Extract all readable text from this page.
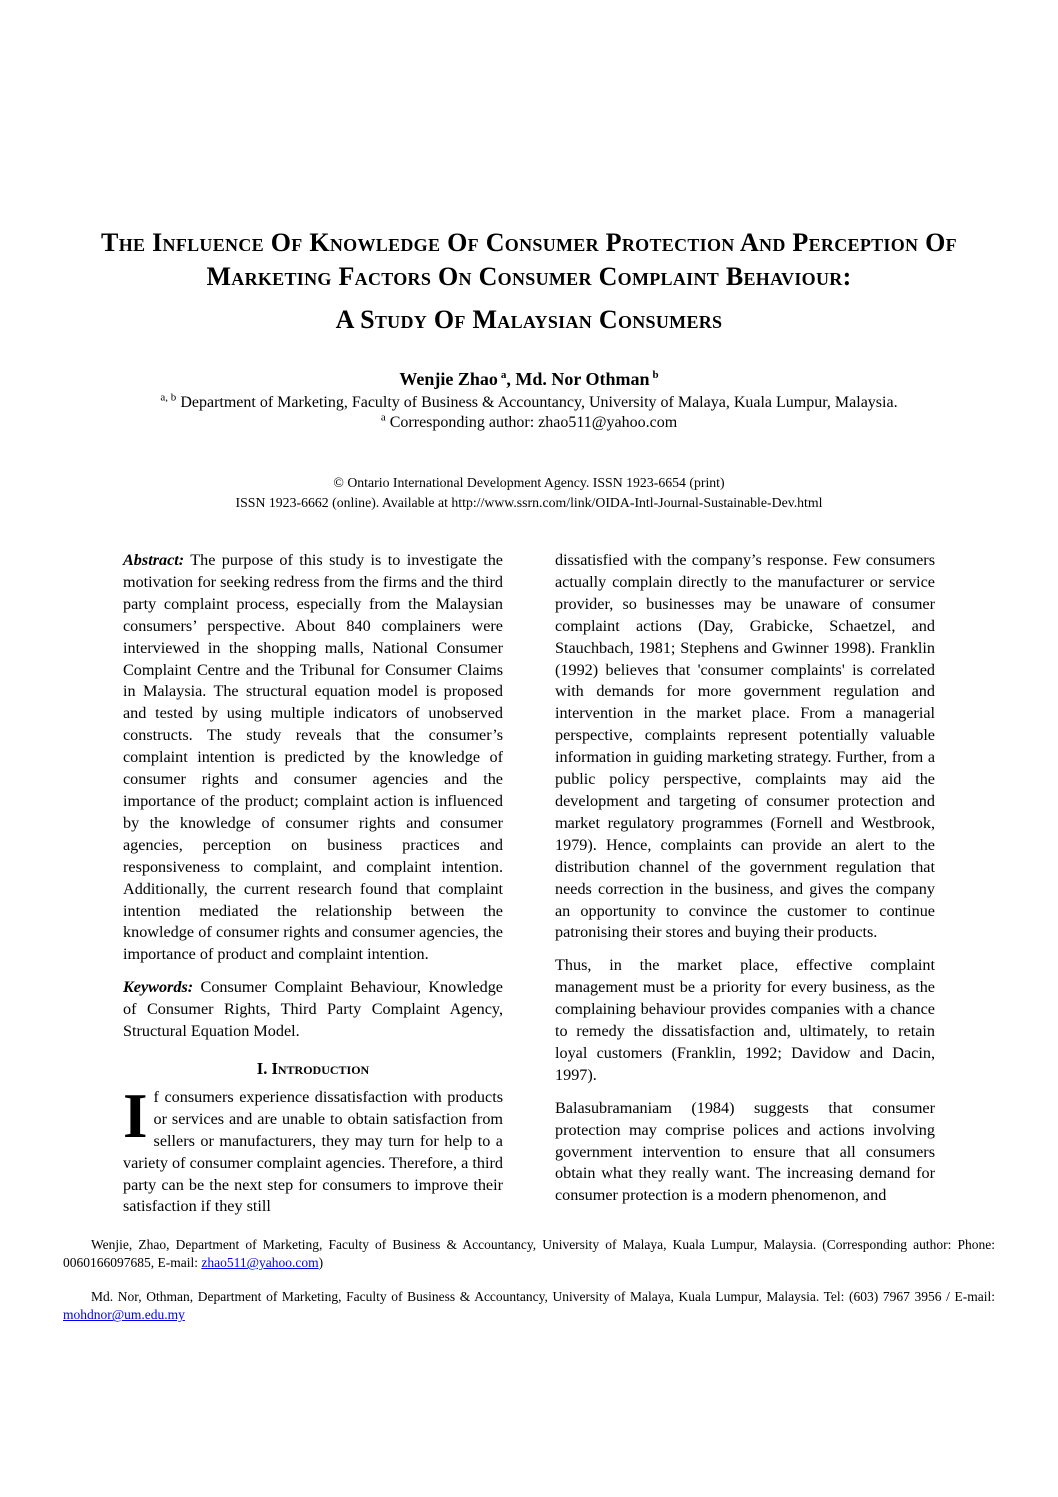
The Influence Of Knowledge Of Consumer Protection And Perception Of Marketing Factors On Consumer Complaint Behaviour:
A Study Of Malaysian Consumers
Wenjie Zhao $^a$, Md. Nor Othman $^b$
$^{a, b}$ Department of Marketing, Faculty of Business & Accountancy, University of Malaya, Kuala Lumpur, Malaysia.
$^a$ Corresponding author: zhao511@yahoo.com
© Ontario International Development Agency. ISSN 1923-6654 (print)
ISSN 1923-6662 (online). Available at http://www.ssrn.com/link/OIDA-Intl-Journal-Sustainable-Dev.html

Abstract: The purpose of this study is to investigate the motivation for seeking redress from the firms and the third party complaint process, especially from the Malaysian consumers’ perspective. About 840 complainers were interviewed in the shopping malls, National Consumer Complaint Centre and the Tribunal for Consumer Claims in Malaysia. The structural equation model is proposed and tested by using multiple indicators of unobserved constructs. The study reveals that the consumer’s complaint intention is predicted by the knowledge of consumer rights and consumer agencies and the importance of the product; complaint action is influenced by the knowledge of consumer rights and consumer agencies, perception on business practices and responsiveness to complaint, and complaint intention. Additionally, the current research found that complaint intention mediated the relationship between the knowledge of consumer rights and consumer agencies, the importance of product and complaint intention.

Keywords: Consumer Complaint Behaviour, Knowledge of Consumer Rights, Third Party Complaint Agency, Structural Equation Model.

I. Introduction

If consumers experience dissatisfaction with products or services and are unable to obtain satisfaction from sellers or manufacturers, they may turn for help to a variety of consumer complaint agencies. Therefore, a third party can be the next step for consumers to improve their satisfaction if they still

dissatisfied with the company’s response. Few consumers actually complain directly to the manufacturer or service provider, so businesses may be unaware of consumer complaint actions (Day, Grabicke, Schaetzel, and Stauchbach, 1981; Stephens and Gwinner 1998). Franklin (1992) believes that 'consumer complaints' is correlated with demands for more government regulation and intervention in the market place. From a managerial perspective, complaints represent potentially valuable information in guiding marketing strategy. Further, from a public policy perspective, complaints may aid the development and targeting of consumer protection and market regulatory programmes (Fornell and Westbrook, 1979). Hence, complaints can provide an alert to the distribution channel of the government regulation that needs correction in the business, and gives the company an opportunity to convince the customer to continue patronising their stores and buying their products.

Thus, in the market place, effective complaint management must be a priority for every business, as the complaining behaviour provides companies with a chance to remedy the dissatisfaction and, ultimately, to retain loyal customers (Franklin, 1992; Davidow and Dacin, 1997).

Balasubramaniam (1984) suggests that consumer protection may comprise polices and actions involving government intervention to ensure that all consumers obtain what they really want. The increasing demand for consumer protection is a modern phenomenon, and

Wenjie, Zhao, Department of Marketing, Faculty of Business & Accountancy, University of Malaya, Kuala Lumpur, Malaysia. (Corresponding author: Phone: 0060166097685, E-mail: zhao511@yahoo.com)

Md. Nor, Othman, Department of Marketing, Faculty of Business & Accountancy, University of Malaya, Kuala Lumpur, Malaysia. Tel: (603) 7967 3956 / E-mail: mohdnor@um.edu.my
